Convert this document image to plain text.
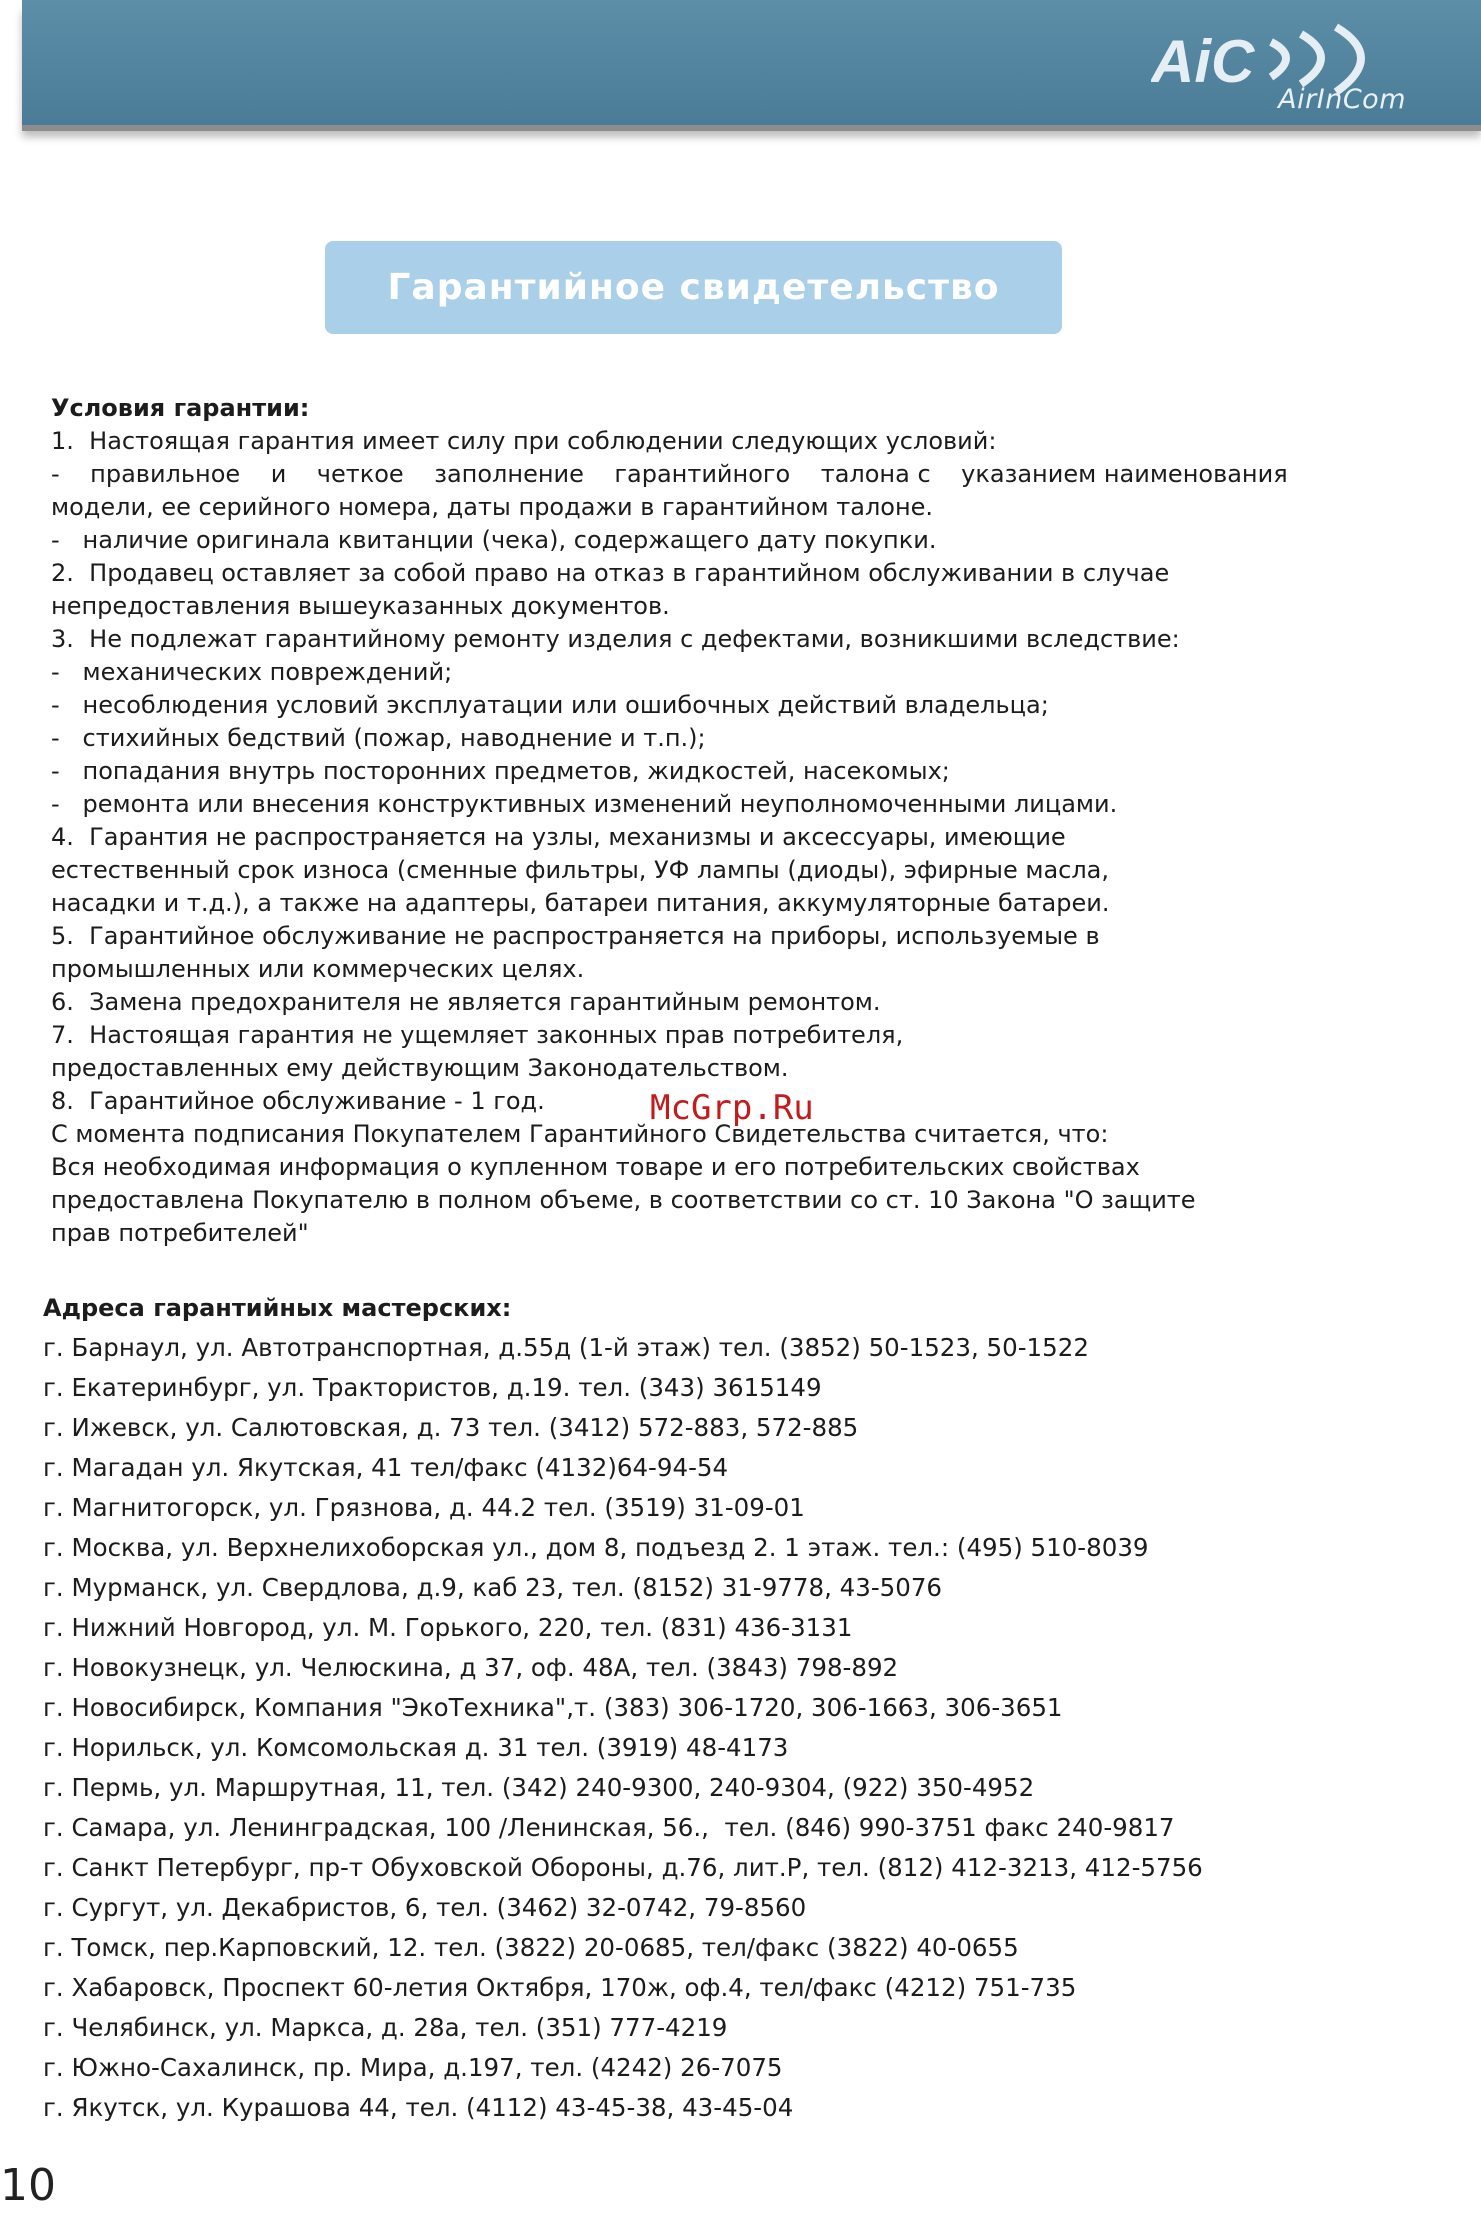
AiC
AirInCom
Гарантийное свидетельство
Условия гарантии:
1.  Настоящая гарантия имеет силу при соблюдении следующих условий:
-    правильное    и    четкое    заполнение    гарантийного    талона с    указанием наименования
модели, ее серийного номера, даты продажи в гарантийном талоне.
-   наличие оригинала квитанции (чека), содержащего дату покупки.
2.  Продавец оставляет за собой право на отказ в гарантийном обслуживании в случае
непредоставления вышеуказанных документов.
3.  Не подлежат гарантийному ремонту изделия с дефектами, возникшими вследствие:
-   механических повреждений;
-   несоблюдения условий эксплуатации или ошибочных действий владельца;
-   стихийных бедствий (пожар, наводнение и т.п.);
-   попадания внутрь посторонних предметов, жидкостей, насекомых;
-   ремонта или внесения конструктивных изменений неуполномоченными лицами.
4.  Гарантия не распространяется на узлы, механизмы и аксессуары, имеющие
естественный срок износа (сменные фильтры, УФ лампы (диоды), эфирные масла,
насадки и т.д.), а также на адаптеры, батареи питания, аккумуляторные батареи.
5.  Гарантийное обслуживание не распространяется на приборы, используемые в
промышленных или коммерческих целях.
6.  Замена предохранителя не является гарантийным ремонтом.
7.  Настоящая гарантия не ущемляет законных прав потребителя,
предоставленных ему действующим Законодательством.
8.  Гарантийное обслуживание - 1 год.
С момента подписания Покупателем Гарантийного Свидетельства считается, что:
Вся необходимая информация о купленном товаре и его потребительских свойствах
предоставлена Покупателю в полном объеме, в соответствии со ст. 10 Закона "О защите
прав потребителей"
McGrp.Ru
Адреса гарантийных мастерских:
г. Барнаул, ул. Автотранспортная, д.55д (1-й этаж) тел. (3852) 50-1523, 50-1522
г. Екатеринбург, ул. Трактористов, д.19. тел. (343) 3615149
г. Ижевск, ул. Салютовская, д. 73 тел. (3412) 572-883, 572-885
г. Магадан ул. Якутская, 41 тел/факс (4132)64-94-54
г. Магнитогорск, ул. Грязнова, д. 44.2 тел. (3519) 31-09-01
г. Москва, ул. Верхнелихоборская ул., дом 8, подъезд 2. 1 этаж. тел.: (495) 510-8039
г. Мурманск, ул. Свердлова, д.9, каб 23, тел. (8152) 31-9778, 43-5076
г. Нижний Новгород, ул. М. Горького, 220, тел. (831) 436-3131
г. Новокузнецк, ул. Челюскина, д 37, оф. 48А, тел. (3843) 798-892
г. Новосибирск, Компания "ЭкоТехника",т. (383) 306-1720, 306-1663, 306-3651
г. Норильск, ул. Комсомольская д. 31 тел. (3919) 48-4173
г. Пермь, ул. Маршрутная, 11, тел. (342) 240-9300, 240-9304, (922) 350-4952
г. Самара, ул. Ленинградская, 100 /Ленинская, 56.,  тел. (846) 990-3751 факс 240-9817
г. Санкт Петербург, пр-т Обуховской Обороны, д.76, лит.Р, тел. (812) 412-3213, 412-5756
г. Сургут, ул. Декабристов, 6, тел. (3462) 32-0742, 79-8560
г. Томск, пер.Карповский, 12. тел. (3822) 20-0685, тел/факс (3822) 40-0655
г. Хабаровск, Проспект 60-летия Октября, 170ж, оф.4, тел/факс (4212) 751-735
г. Челябинск, ул. Маркса, д. 28а, тел. (351) 777-4219
г. Южно-Сахалинск, пр. Мира, д.197, тел. (4242) 26-7075
г. Якутск, ул. Курашова 44, тел. (4112) 43-45-38, 43-45-04
10
